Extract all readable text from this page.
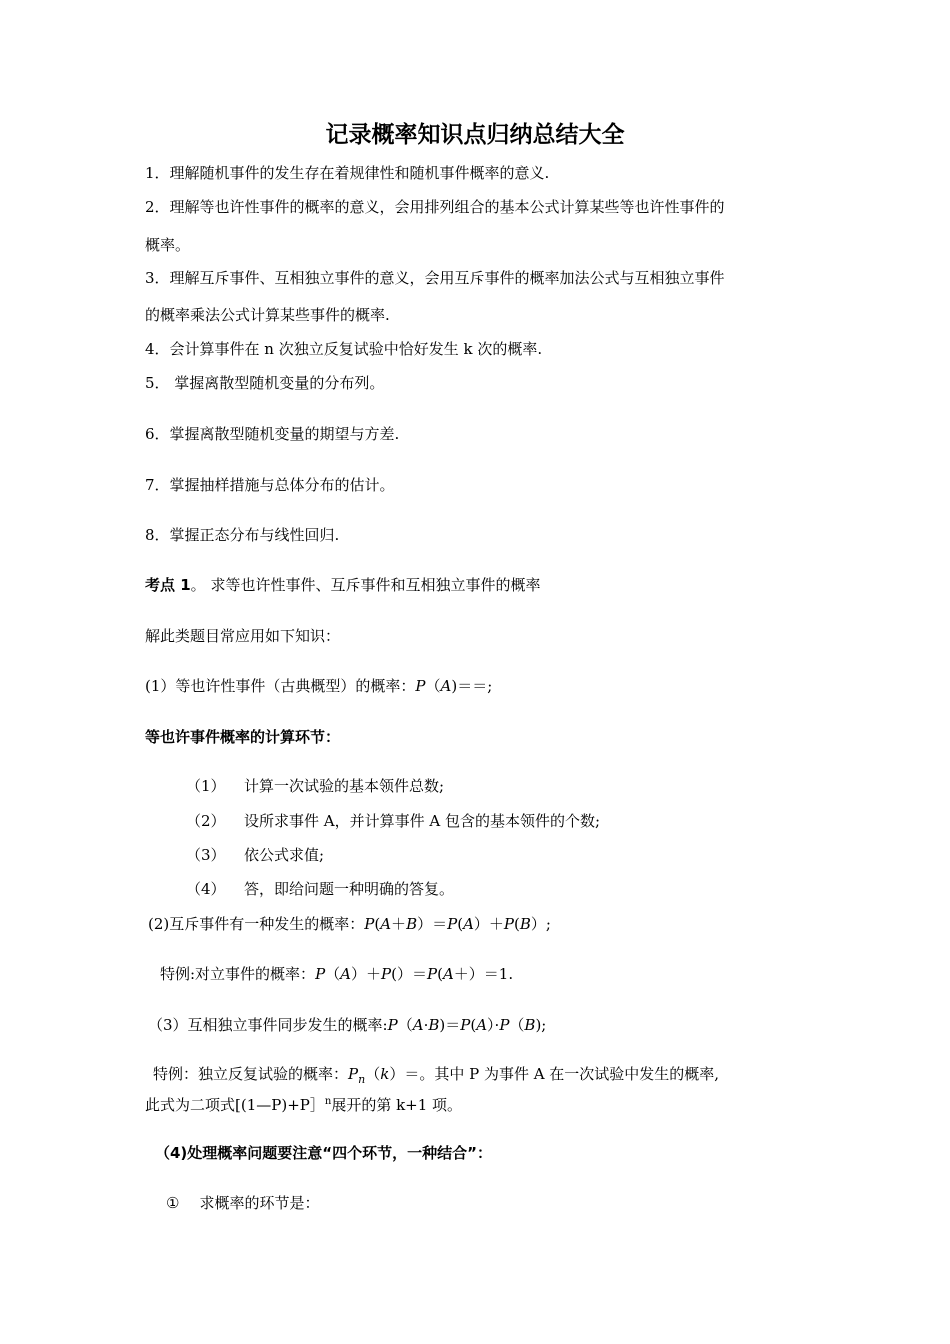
记录概率知识点归纳总结大全
1．理解随机事件的发生存在着规律性和随机事件概率的意义.
2．理解等也许性事件的概率的意义，会用排列组合的基本公式计算某些等也许性事件的
概率。
3．理解互斥事件、互相独立事件的意义，会用互斥事件的概率加法公式与互相独立事件
的概率乘法公式计算某些事件的概率.
4．会计算事件在 n 次独立反复试验中恰好发生 k 次的概率.
5． 掌握离散型随机变量的分布列。
6．掌握离散型随机变量的期望与方差.
7．掌握抽样措施与总体分布的估计。
8．掌握正态分布与线性回归.
考点 1。 求等也许性事件、互斥事件和互相独立事件的概率
解此类题目常应用如下知识：
(1）等也许性事件（古典概型）的概率：P（A)＝＝;
等也许事件概率的计算环节：
（1） 计算一次试验的基本领件总数;
（2） 设所求事件 A，并计算事件 A 包含的基本领件的个数;
（3） 依公式求值;
（4） 答，即给问题一种明确的答复。
(2)互斥事件有一种发生的概率：P(A＋B）＝P(A）＋P(B）;
特例:对立事件的概率：P（A）＋P(）＝P(A＋）＝1.
（3）互相独立事件同步发生的概率:P（A·B)＝P(A）·P（B);
特例：独立反复试验的概率：$P_n(k)=$。其中 P 为事件 A 在一次试验中发生的概率,
此式为二项式[(1—P)+P］$^n$展开的第 k+1 项。
（4)处理概率问题要注意“四个环节，一种结合”：
① 求概率的环节是：
